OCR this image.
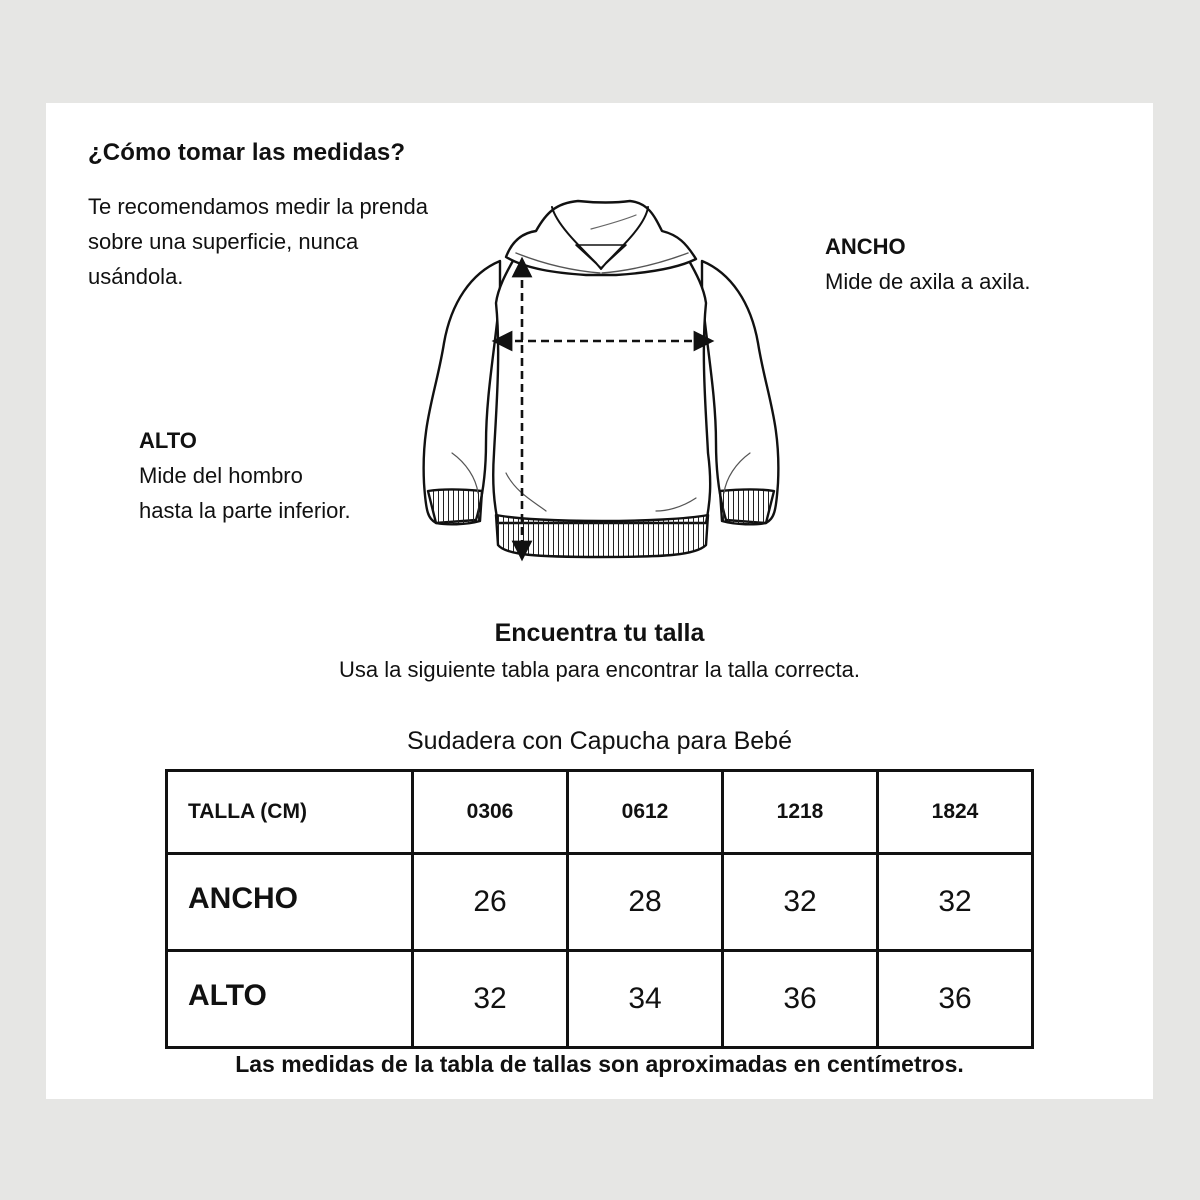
¿Cómo tomar las medidas?

Te recomendamos medir la prenda sobre una superficie, nunca usándola.

ANCHO
Mide de axila a axila.
ALTO
Mide del hombro
hasta la parte inferior.
Encuentra tu talla

Usa la siguiente tabla para encontrar la talla correcta.

Sudadera con Capucha para Bebé

TALLA (CM)	0306	0612	1218	1824
ANCHO	26	28	32	32
ALTO	32	34	36	36

Las medidas de la tabla de tallas son aproximadas en centímetros.
